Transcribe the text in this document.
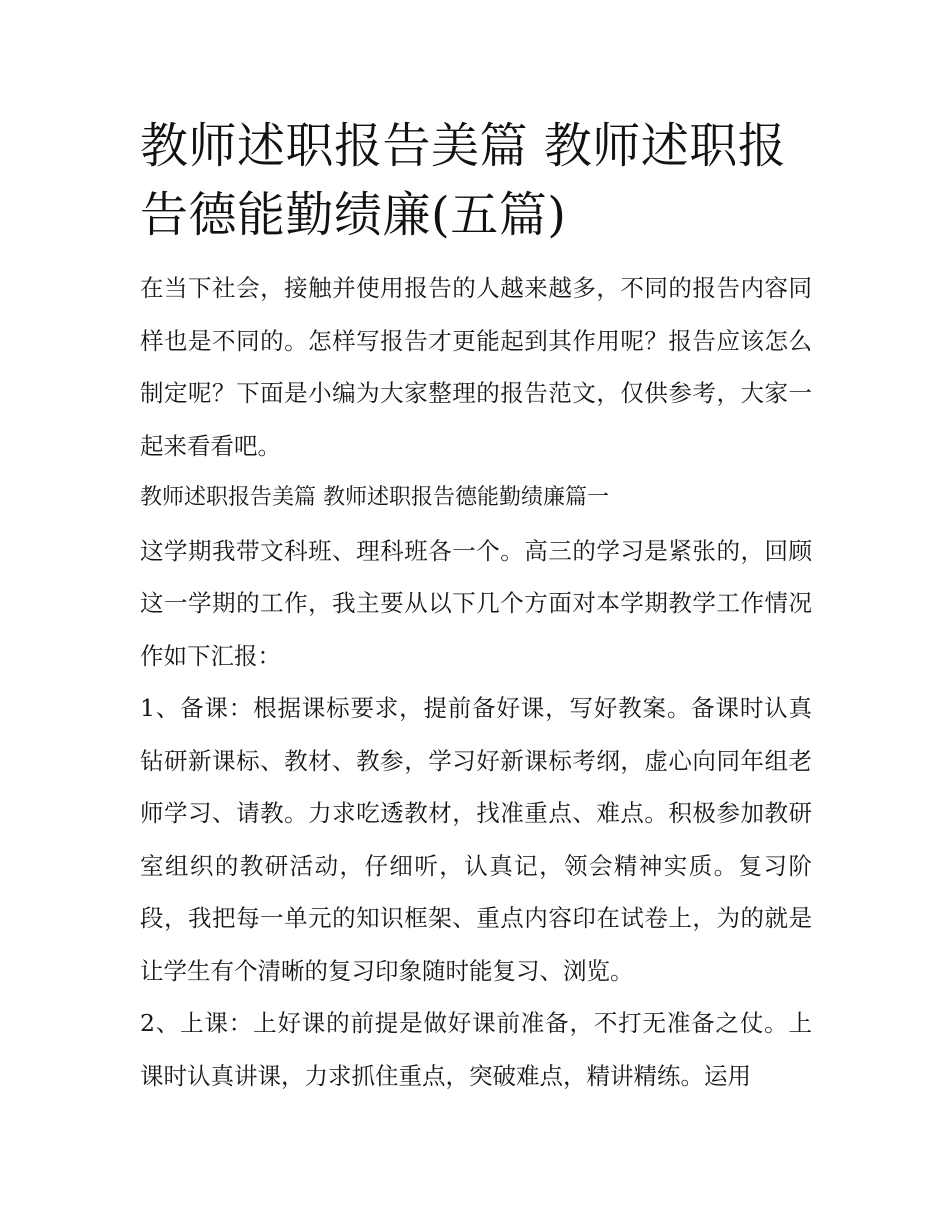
教师述职报告美篇 教师述职报告德能勤绩廉(五篇)

在当下社会，接触并使用报告的人越来越多，不同的报告内容同样也是不同的。怎样写报告才更能起到其作用呢？报告应该怎么制定呢？下面是小编为大家整理的报告范文，仅供参考，大家一起来看看吧。

教师述职报告美篇 教师述职报告德能勤绩廉篇一

这学期我带文科班、理科班各一个。高三的学习是紧张的，回顾这一学期的工作，我主要从以下几个方面对本学期教学工作情况作如下汇报：

1、备课：根据课标要求，提前备好课，写好教案。备课时认真钻研新课标、教材、教参，学习好新课标考纲，虚心向同年组老师学习、请教。力求吃透教材，找准重点、难点。积极参加教研室组织的教研活动，仔细听，认真记，领会精神实质。复习阶段，我把每一单元的知识框架、重点内容印在试卷上，为的就是让学生有个清晰的复习印象随时能复习、浏览。

2、上课：上好课的前提是做好课前准备，不打无准备之仗。上课时认真讲课，力求抓住重点，突破难点，精讲精练。运用
